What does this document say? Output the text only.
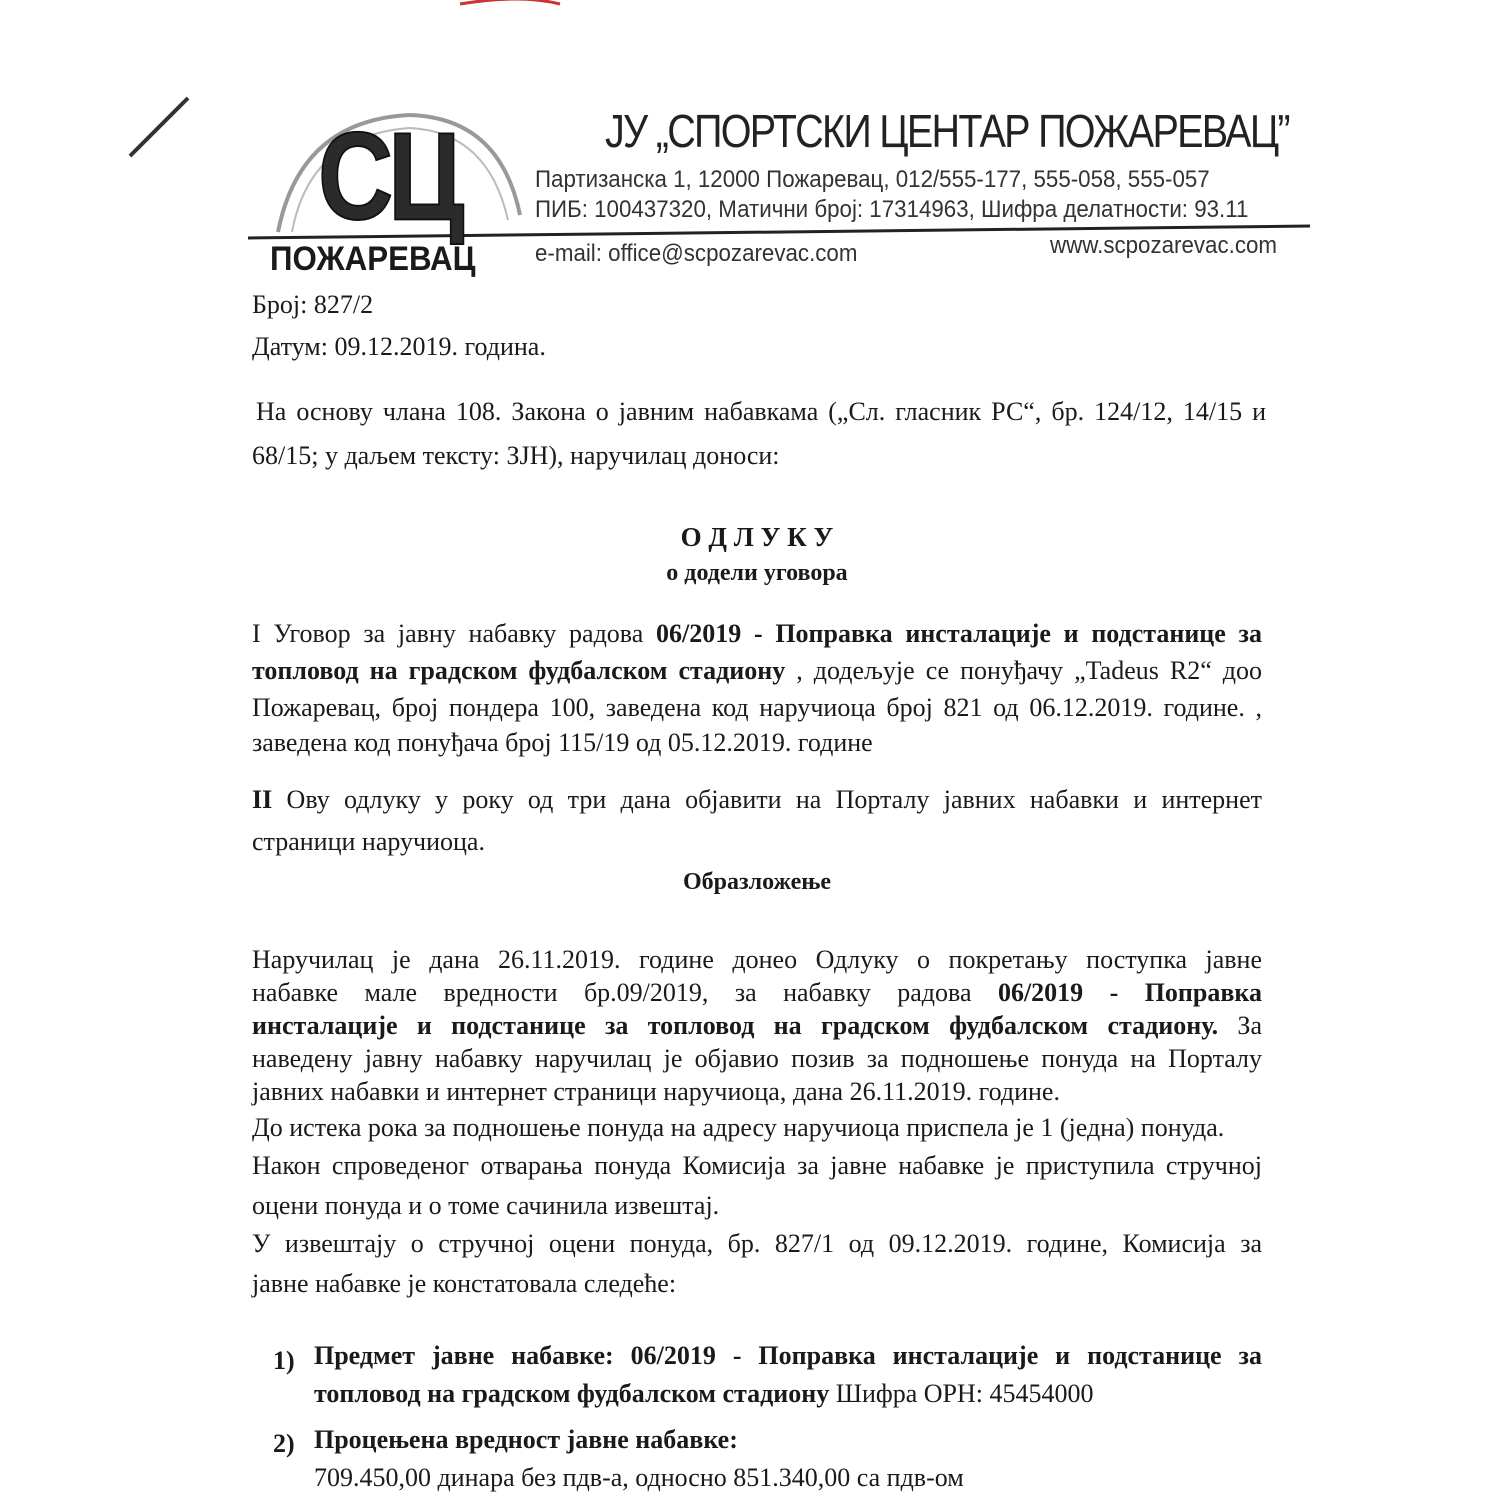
СЦ
ПОЖАРЕВАЦ
ЈУ „СПОРТСКИ ЦЕНТАР ПОЖАРЕВАЦ”
Партизанска 1, 12000 Пожаревац, 012/555-177, 555-058, 555-057
ПИБ: 100437320, Матични број: 17314963, Шифра делатности: 93.11
e-mail: office@scpozarevac.com	www.scpozarevac.com
Број: 827/2
Датум: 09.12.2019. година.
На основу члана 108. Закона о јавним набавкама („Сл. гласник РС“, бр. 124/12, 14/15 и
68/15; у даљем тексту: ЗЈН), наручилац доноси:
О Д Л У К У
о додели уговора
I Уговор за јавну набавку радова 06/2019 - Поправка инсталације и подстанице за
топловод на градском фудбалском стадиону , додељује се понуђачу „Tadeus R2“ доо
Пожаревац, број пондера 100, заведена код наручиоца број 821 од 06.12.2019. године. ,
заведена код понуђача број 115/19 од 05.12.2019. године
II Ову одлуку у року од три дана објавити на Порталу јавних набавки и интернет
страници наручиоца.
Образложење
Наручилац је дана 26.11.2019. године донео Одлуку о покретању поступка јавне
набавке мале вредности бр.09/2019, за набавку радова 06/2019 - Поправка
инсталације и подстанице за топловод на градском фудбалском стадиону. За
наведену јавну набавку наручилац је објавио позив за подношење понуда на Порталу
јавних набавки и интернет страници наручиоца, дана 26.11.2019. године.
До истека рока за подношење понуда на адресу наручиоца приспела је 1 (једна) понуда.
Након спроведеног отварања понуда Комисија за јавне набавке је приступила стручној
оцени понуда и о томе сачинила извештај.
У извештају о стручној оцени понуда, бр. 827/1 од 09.12.2019. године, Комисија за
јавне набавке је констатовала следеће:
1) Предмет јавне набавке: 06/2019 - Поправка инсталације и подстанице за
топловод на градском фудбалском стадиону Шифра ОРН: 45454000
2) Процењена вредност јавне набавке:
709.450,00 динара без пдв-а, односно 851.340,00 са пдв-ом
